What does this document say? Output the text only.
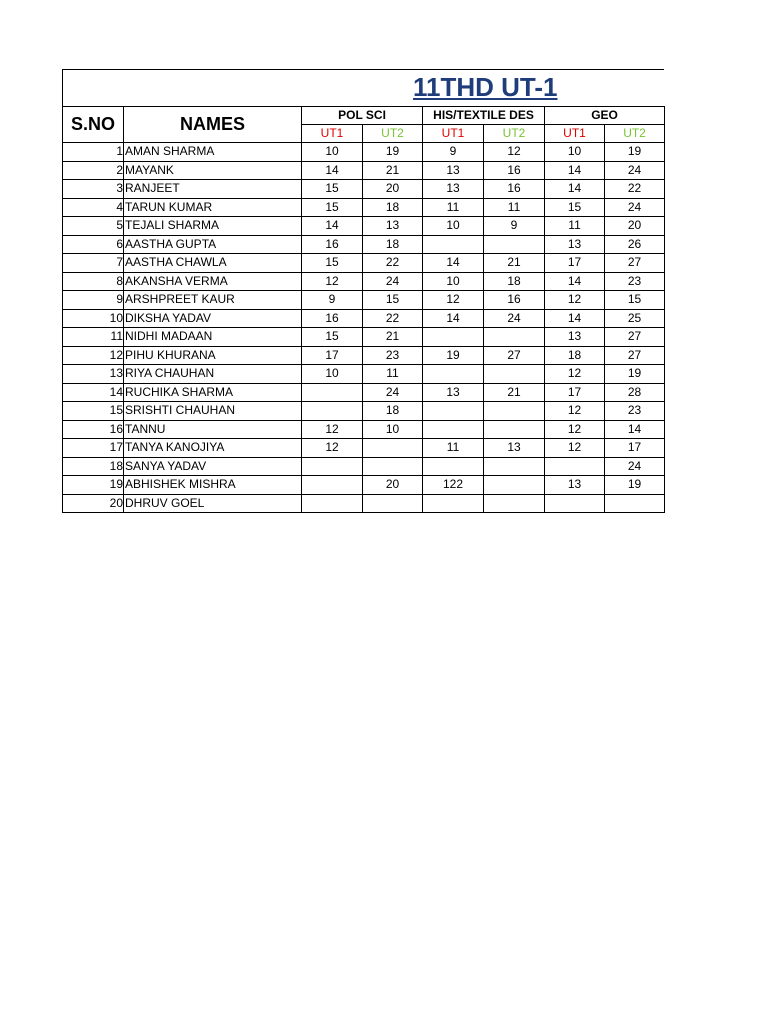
11THD UT-1
S.NO	NAMES	POL SCI		HIS/TEXTILE DES		GEO	
		UT1	UT2	UT1	UT2	UT1	UT2
1	AMAN SHARMA	10	19	9	12	10	19
2	MAYANK	14	21	13	16	14	24
3	RANJEET	15	20	13	16	14	22
4	TARUN KUMAR	15	18	11	11	15	24
5	TEJALI SHARMA	14	13	10	9	11	20
6	AASTHA GUPTA	16	18			13	26
7	AASTHA CHAWLA	15	22	14	21	17	27
8	AKANSHA VERMA	12	24	10	18	14	23
9	ARSHPREET KAUR	9	15	12	16	12	15
10	DIKSHA YADAV	16	22	14	24	14	25
11	NIDHI MADAAN	15	21			13	27
12	PIHU KHURANA	17	23	19	27	18	27
13	RIYA CHAUHAN	10	11			12	19
14	RUCHIKA SHARMA		24	13	21	17	28
15	SRISHTI CHAUHAN		18			12	23
16	TANNU	12	10			12	14
17	TANYA KANOJIYA	12		11	13	12	17
18	SANYA YADAV						24
19	ABHISHEK MISHRA		20	122		13	19
20	DHRUV GOEL						
